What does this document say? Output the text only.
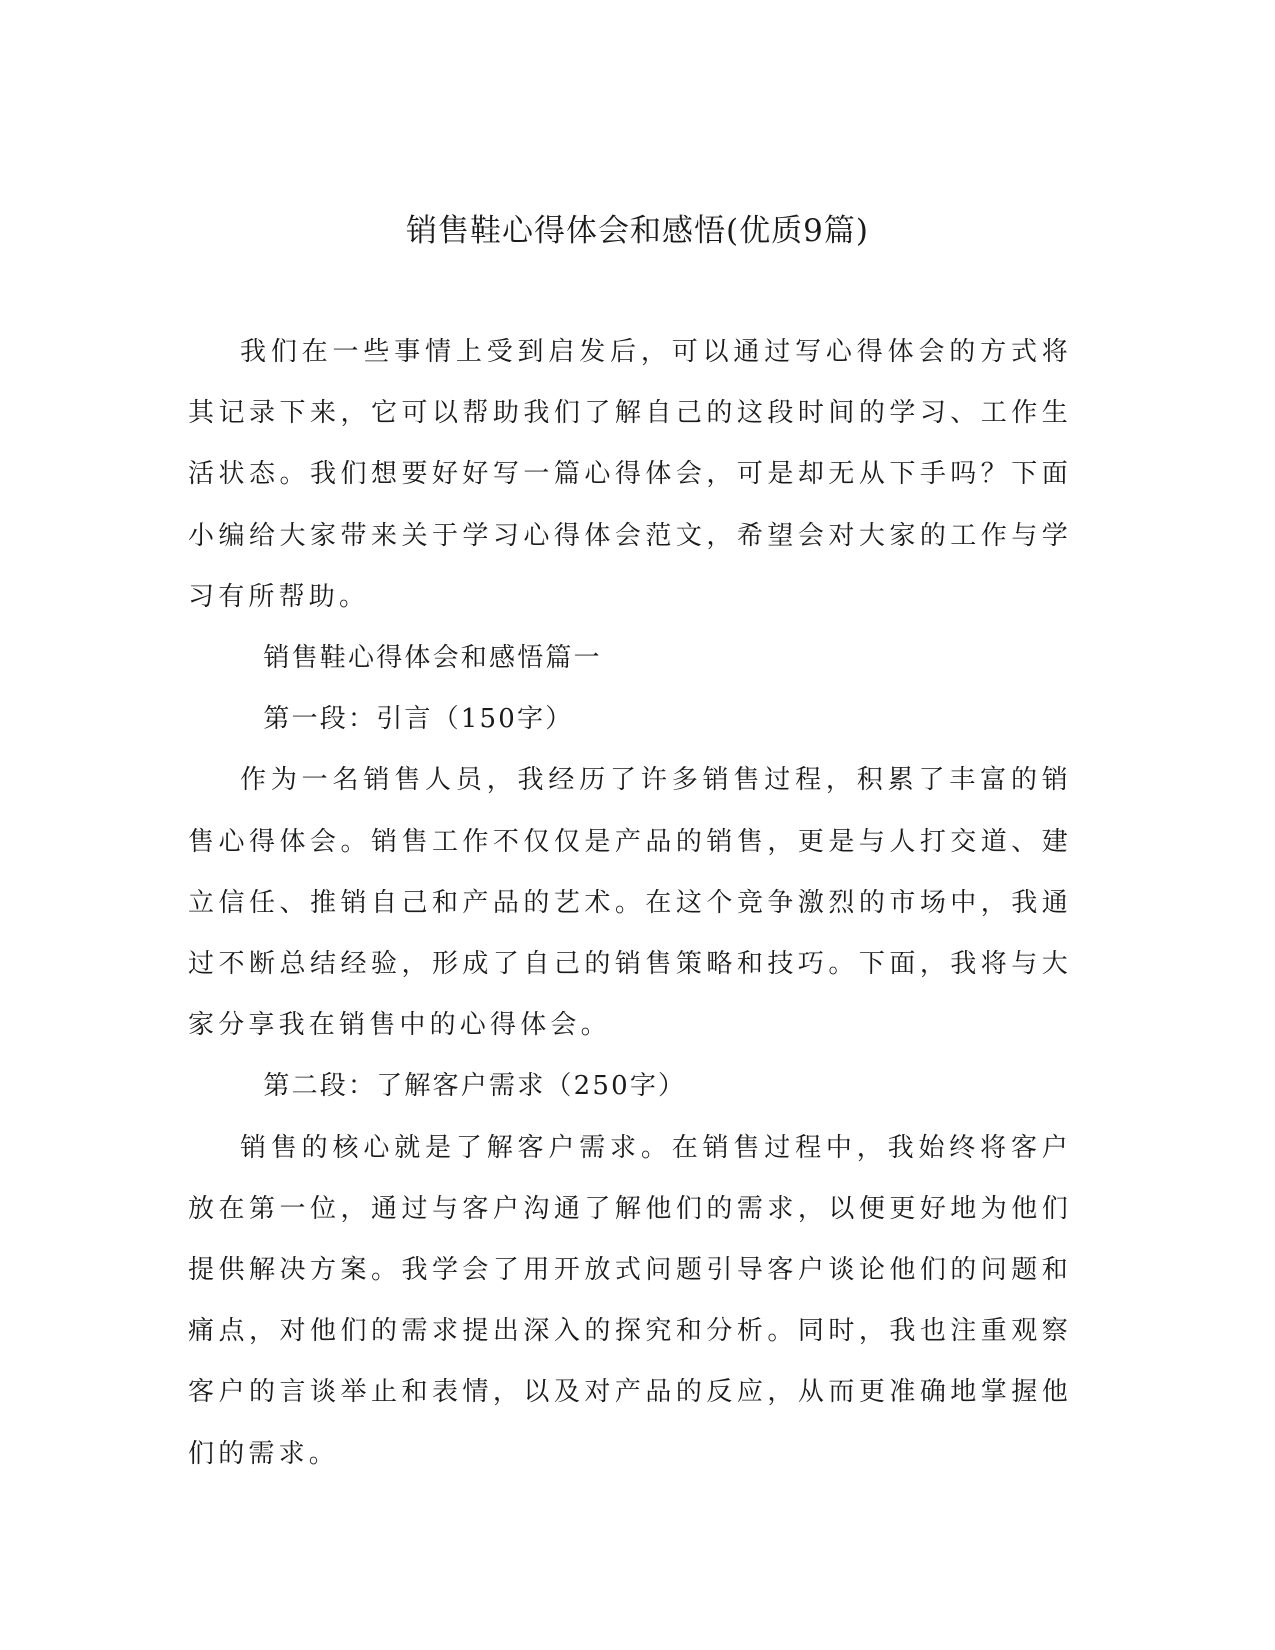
销售鞋心得体会和感悟(优质9篇)

我们在一些事情上受到启发后，可以通过写心得体会的方式将其记录下来，它可以帮助我们了解自己的这段时间的学习、工作生活状态。我们想要好好写一篇心得体会，可是却无从下手吗？下面小编给大家带来关于学习心得体会范文，希望会对大家的工作与学习有所帮助。

销售鞋心得体会和感悟篇一

第一段：引言（150字）

作为一名销售人员，我经历了许多销售过程，积累了丰富的销售心得体会。销售工作不仅仅是产品的销售，更是与人打交道、建立信任、推销自己和产品的艺术。在这个竞争激烈的市场中，我通过不断总结经验，形成了自己的销售策略和技巧。下面，我将与大家分享我在销售中的心得体会。

第二段：了解客户需求（250字）

销售的核心就是了解客户需求。在销售过程中，我始终将客户放在第一位，通过与客户沟通了解他们的需求，以便更好地为他们提供解决方案。我学会了用开放式问题引导客户谈论他们的问题和痛点，对他们的需求提出深入的探究和分析。同时，我也注重观察客户的言谈举止和表情，以及对产品的反应，从而更准确地掌握他们的需求。
